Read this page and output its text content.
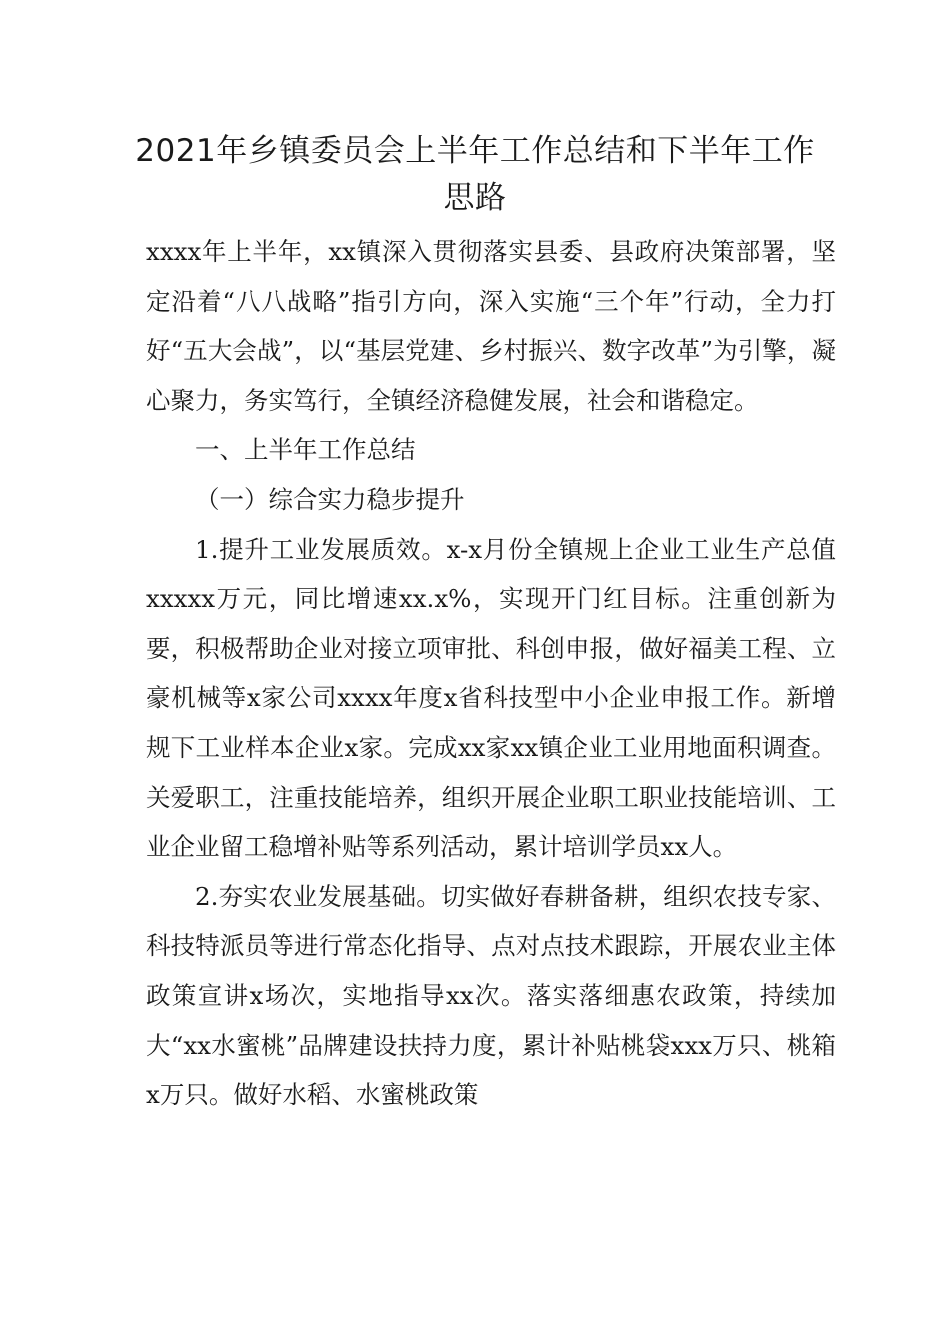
2021年乡镇委员会上半年工作总结和下半年工作思路

xxxx年上半年，xx镇深入贯彻落实县委、县政府决策部署，坚定沿着“八八战略”指引方向，深入实施“三个年”行动，全力打好“五大会战”，以“基层党建、乡村振兴、数字改革”为引擎，凝心聚力，务实笃行，全镇经济稳健发展，社会和谐稳定。

一、上半年工作总结

（一）综合实力稳步提升

1.提升工业发展质效。x-x月份全镇规上企业工业生产总值xxxxx万元，同比增速xx.x%，实现开门红目标。注重创新为要，积极帮助企业对接立项审批、科创申报，做好福美工程、立豪机械等x家公司xxxx年度x省科技型中小企业申报工作。新增规下工业样本企业x家。完成xx家xx镇企业工业用地面积调查。关爱职工，注重技能培养，组织开展企业职工职业技能培训、工业企业留工稳增补贴等系列活动，累计培训学员xx人。

2.夯实农业发展基础。切实做好春耕备耕，组织农技专家、科技特派员等进行常态化指导、点对点技术跟踪，开展农业主体政策宣讲x场次，实地指导xx次。落实落细惠农政策，持续加大“xx水蜜桃”品牌建设扶持力度，累计补贴桃袋xxx万只、桃箱x万只。做好水稻、水蜜桃政策
